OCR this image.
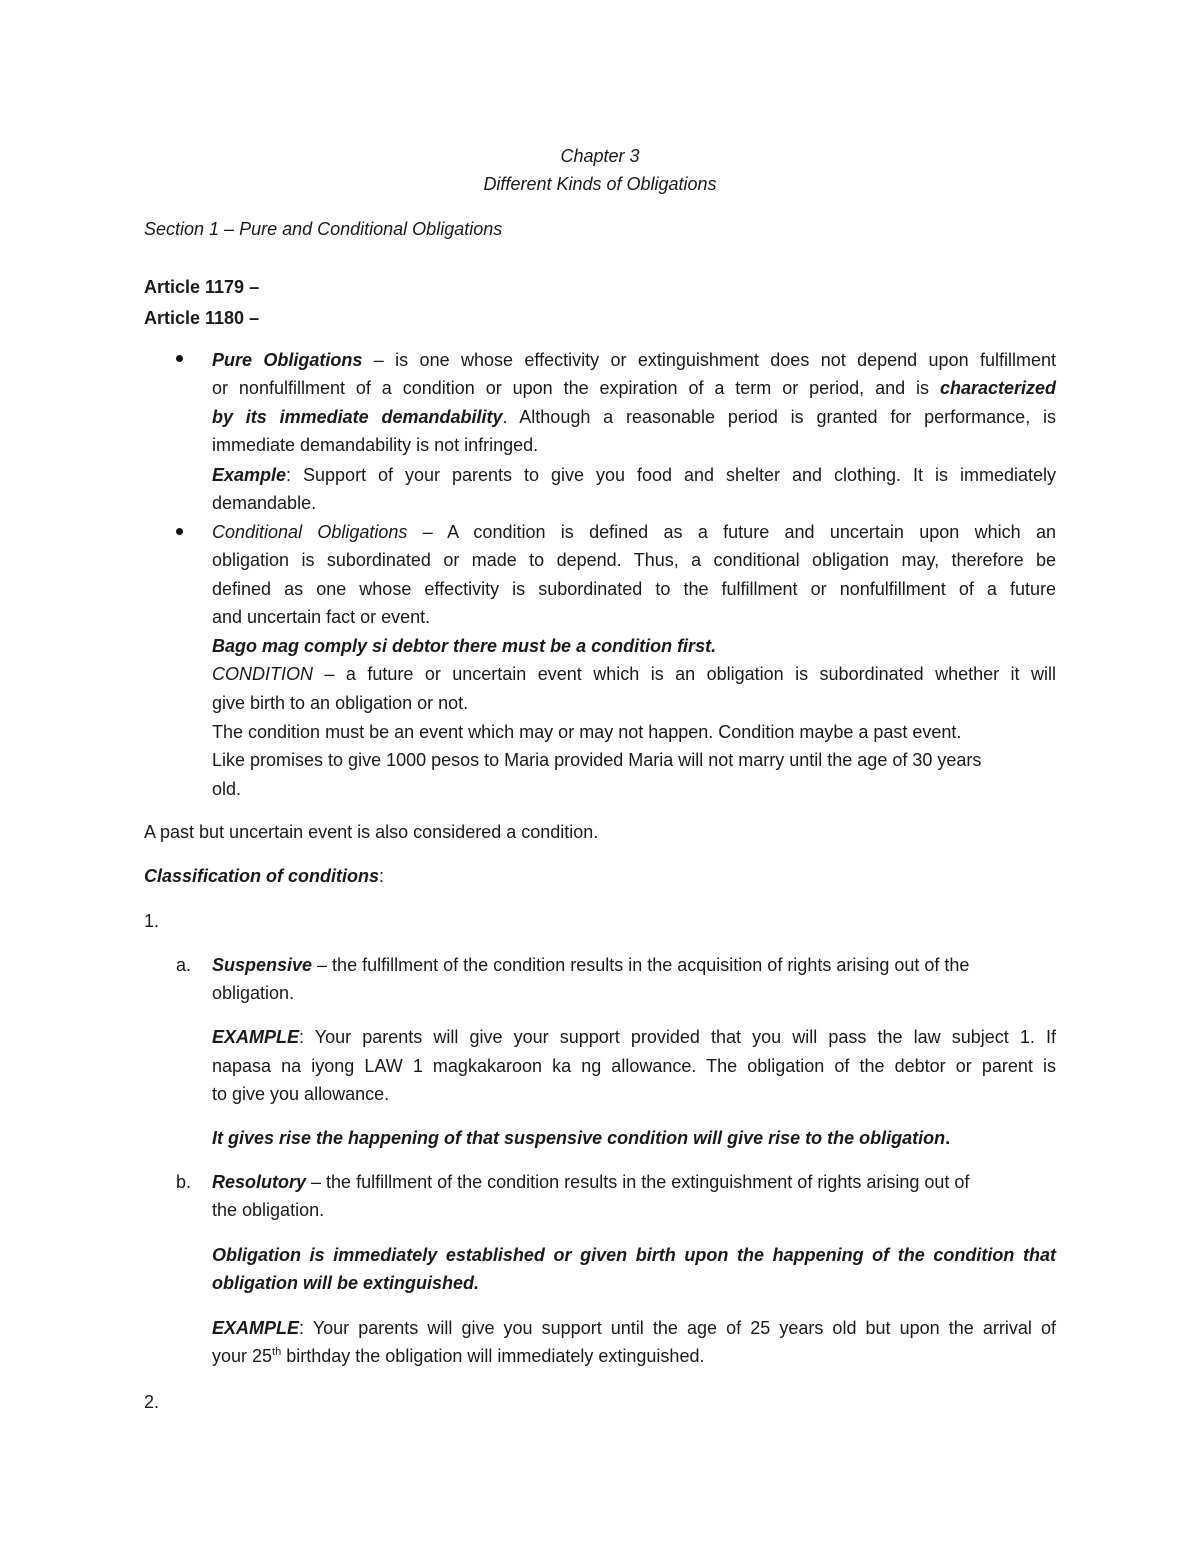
Chapter 3
Different Kinds of Obligations
Section 1 – Pure and Conditional Obligations
Article 1179 –
Article 1180 –
Pure Obligations – is one whose effectivity or extinguishment does not depend upon fulfillment
or nonfulfillment of a condition or upon the expiration of a term or period, and is characterized
by its immediate demandability. Although a reasonable period is granted for performance, is
immediate demandability is not infringed.
Example: Support of your parents to give you food and shelter and clothing. It is immediately
demandable.
Conditional Obligations – A condition is defined as a future and uncertain upon which an
obligation is subordinated or made to depend. Thus, a conditional obligation may, therefore be
defined as one whose effectivity is subordinated to the fulfillment or nonfulfillment of a future
and uncertain fact or event.
Bago mag comply si debtor there must be a condition first.
CONDITION – a future or uncertain event which is an obligation is subordinated whether it will
give birth to an obligation or not.
The condition must be an event which may or may not happen. Condition maybe a past event.
Like promises to give 1000 pesos to Maria provided Maria will not marry until the age of 30 years
old.
A past but uncertain event is also considered a condition.
Classification of conditions:
1.
a. Suspensive – the fulfillment of the condition results in the acquisition of rights arising out of the
obligation.
EXAMPLE: Your parents will give your support provided that you will pass the law subject 1. If
napasa na iyong LAW 1 magkakaroon ka ng allowance. The obligation of the debtor or parent is
to give you allowance.
It gives rise the happening of that suspensive condition will give rise to the obligation.
b. Resolutory – the fulfillment of the condition results in the extinguishment of rights arising out of
the obligation.
Obligation is immediately established or given birth upon the happening of the condition that
obligation will be extinguished.
EXAMPLE: Your parents will give you support until the age of 25 years old but upon the arrival of
your 25th birthday the obligation will immediately extinguished.
2.
